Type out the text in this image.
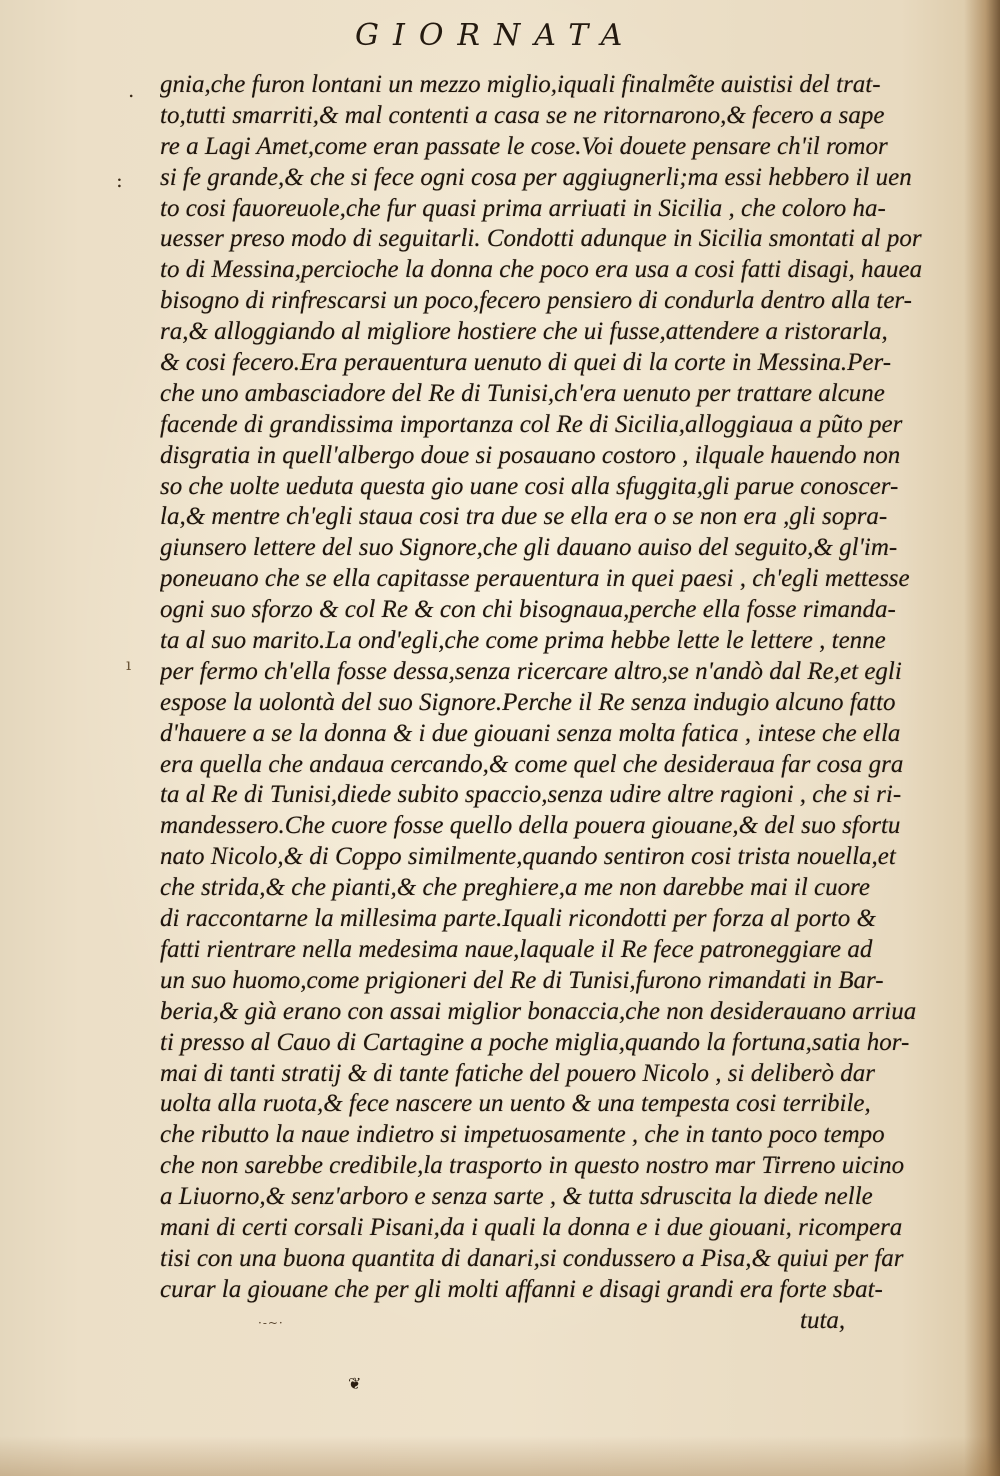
GIORNATA
.
:
ı
gnia,che furon lontani un mezzo miglio,iquali finalmẽte auistisi del trat-
to,tutti smarriti,& mal contenti a casa se ne ritornarono,& fecero a sape
re a Lagi Amet,come eran passate le cose.Voi douete pensare ch'il romor
si fe grande,& che si fece ogni cosa per aggiugnerli;ma essi hebbero il uen
to cosi fauoreuole,che fur quasi prima arriuati in Sicilia , che coloro ha-
uesser preso modo di seguitarli. Condotti adunque in Sicilia smontati al por
to di Messina,percioche la donna che poco era usa a cosi fatti disagi, hauea
bisogno di rinfrescarsi un poco,fecero pensiero di condurla dentro alla ter-
ra,& alloggiando al migliore hostiere che ui fusse,attendere a ristorarla,
& cosi fecero.Era perauentura uenuto di quei di la corte in Messina.Per-
che uno ambasciadore del Re di Tunisi,ch'era uenuto per trattare alcune
facende di grandissima importanza col Re di Sicilia,alloggiaua a pũto per
disgratia in quell'albergo doue si posauano costoro , ilquale hauendo non
so che uolte ueduta questa gio uane cosi alla sfuggita,gli parue conoscer-
la,& mentre ch'egli staua cosi tra due se ella era o se non era ,gli sopra-
giunsero lettere del suo Signore,che gli dauano auiso del seguito,& gl'im-
poneuano che se ella capitasse perauentura in quei paesi , ch'egli mettesse
ogni suo sforzo & col Re & con chi bisognaua,perche ella fosse rimanda-
ta al suo marito.La ond'egli,che come prima hebbe lette le lettere , tenne
per fermo ch'ella fosse dessa,senza ricercare altro,se n'andò dal Re,et egli
espose la uolontà del suo Signore.Perche il Re senza indugio alcuno fatto
d'hauere a se la donna & i due giouani senza molta fatica , intese che ella
era quella che andaua cercando,& come quel che desideraua far cosa gra
ta al Re di Tunisi,diede subito spaccio,senza udire altre ragioni , che si ri-
mandessero.Che cuore fosse quello della pouera giouane,& del suo sfortu
nato Nicolo,& di Coppo similmente,quando sentiron cosi trista nouella,et
che strida,& che pianti,& che preghiere,a me non darebbe mai il cuore
di raccontarne la millesima parte.Iquali ricondotti per forza al porto &
fatti rientrare nella medesima naue,laquale il Re fece patroneggiare ad
un suo huomo,come prigioneri del Re di Tunisi,furono rimandati in Bar-
beria,& già erano con assai miglior bonaccia,che non desiderauano arriua
ti presso al Cauo di Cartagine a poche miglia,quando la fortuna,satia hor-
mai di tanti stratij & di tante fatiche del pouero Nicolo , si deliberò dar
uolta alla ruota,& fece nascere un uento & una tempesta cosi terribile,
che ributto la naue indietro si impetuosamente , che in tanto poco tempo
che non sarebbe credibile,la trasporto in questo nostro mar Tirreno uicino
a Liuorno,& senz'arboro e senza sarte , & tutta sdruscita la diede nelle
mani di certi corsali Pisani,da i quali la donna e i due giouani, ricompera
tisi con una buona quantita di danari,si condussero a Pisa,& quiui per far
curar la giouane che per gli molti affanni e disagi grandi era forte sbat-
tuta,
·-~·
❦
